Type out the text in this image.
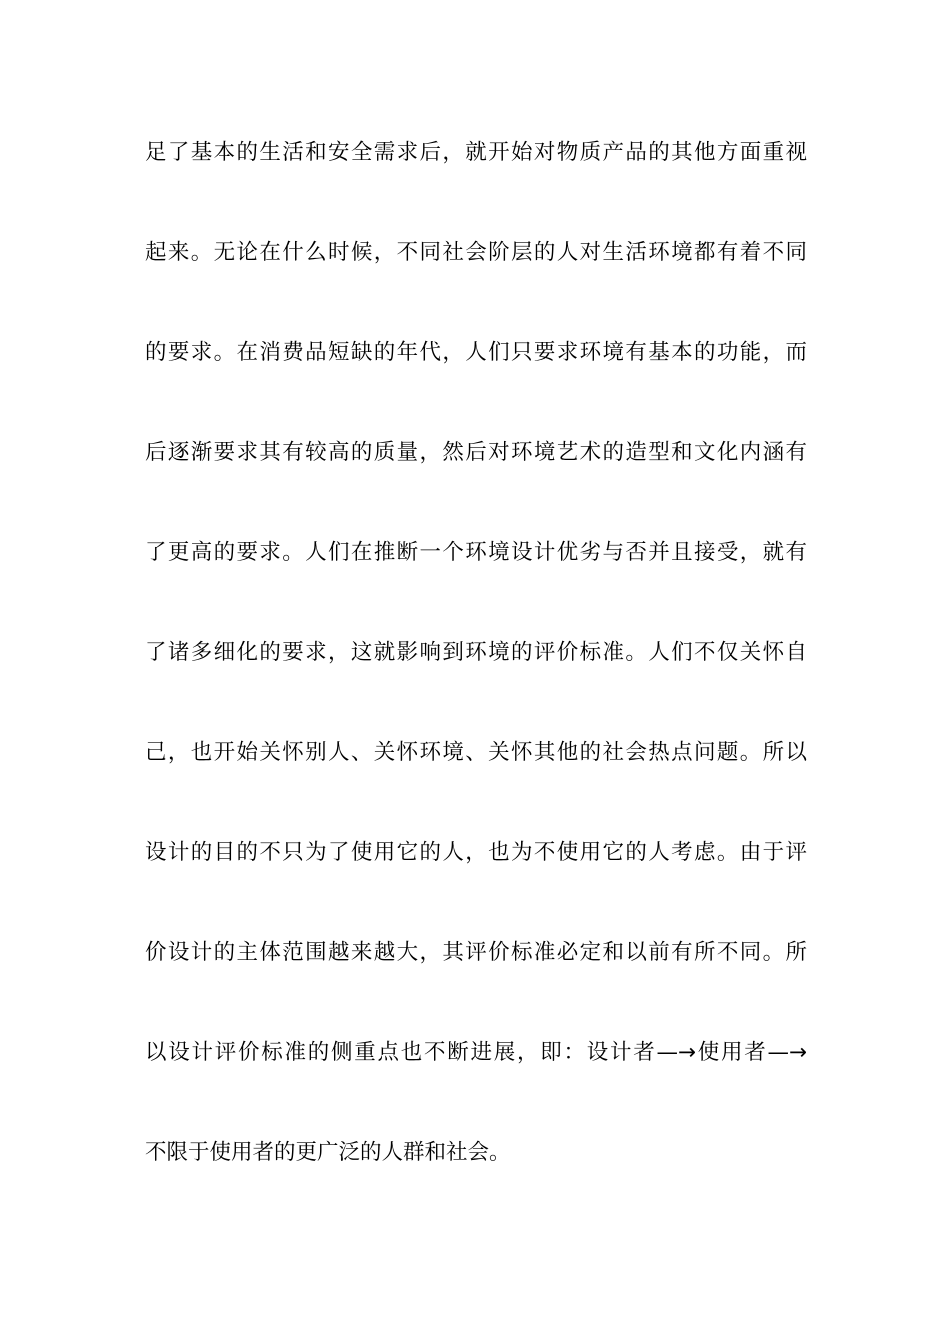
足了基本的生活和安全需求后，就开始对物质产品的其他方面重视
起来。无论在什么时候，不同社会阶层的人对生活环境都有着不同
的要求。在消费品短缺的年代，人们只要求环境有基本的功能，而
后逐渐要求其有较高的质量，然后对环境艺术的造型和文化内涵有
了更高的要求。人们在推断一个环境设计优劣与否并且接受，就有
了诸多细化的要求，这就影响到环境的评价标准。人们不仅关怀自
己，也开始关怀别人、关怀环境、关怀其他的社会热点问题。所以
设计的目的不只为了使用它的人，也为不使用它的人考虑。由于评
价设计的主体范围越来越大，其评价标准必定和以前有所不同。所
以设计评价标准的侧重点也不断进展，即：设计者—→使用者—→
不限于使用者的更广泛的人群和社会。
